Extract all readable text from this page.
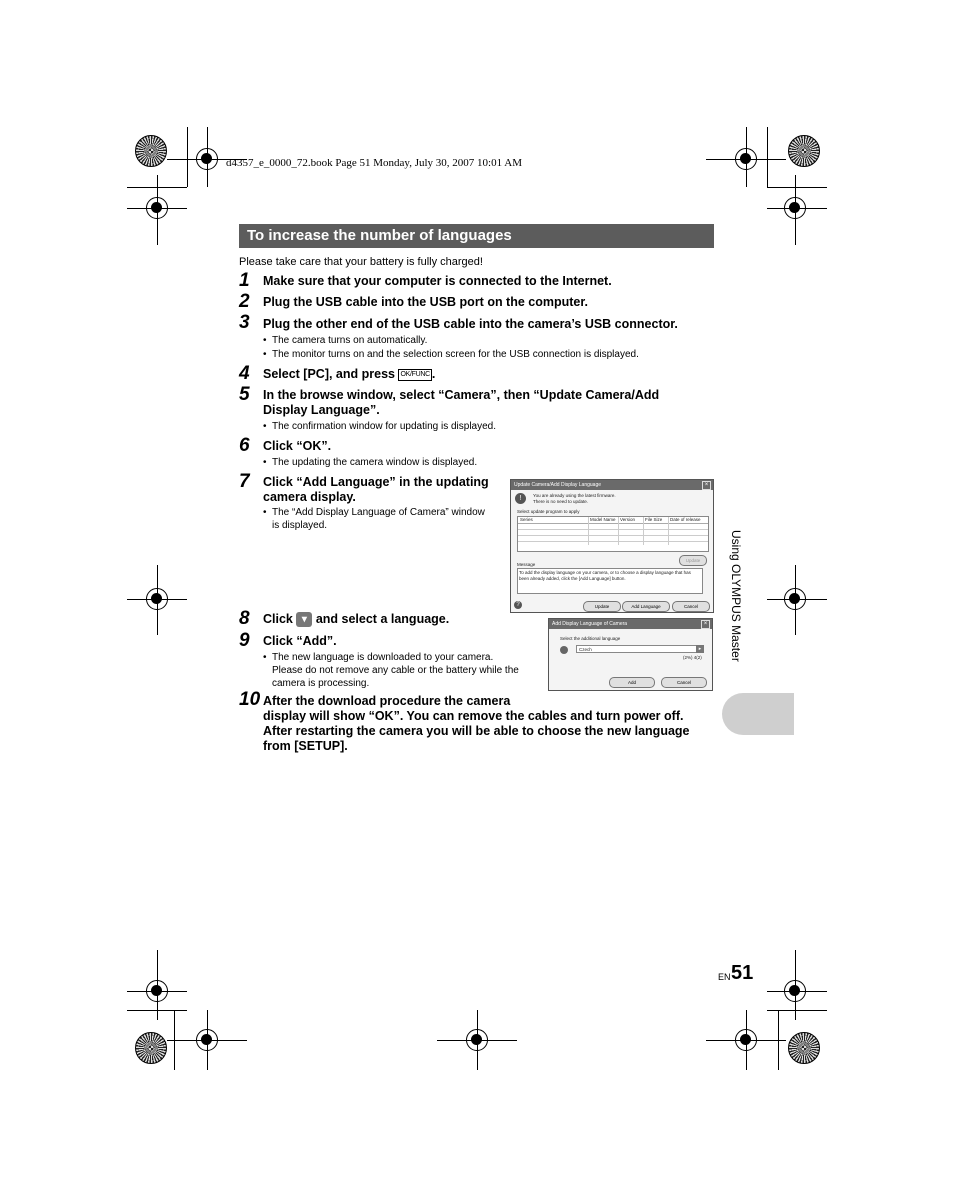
d4357_e_0000_72.book Page 51 Monday, July 30, 2007 10:01 AM
To increase the number of languages
Please take care that your battery is fully charged!
1 Make sure that your computer is connected to the Internet.
2 Plug the USB cable into the USB port on the computer.
3 Plug the other end of the USB cable into the camera’s USB connector.
• The camera turns on automatically.
• The monitor turns on and the selection screen for the USB connection is displayed.
4 Select [PC], and press OK/FUNC .
5 In the browse window, select “Camera”, then “Update Camera/Add
Display Language”.
• The confirmation window for updating is displayed.
6 Click “OK”.
• The updating the camera window is displayed.
7 Click “Add Language” in the updating
camera display.
• The “Add Display Language of Camera” window
is displayed.
Update Camera/Add Display Language	×
!	You are already using the latest firmware.
There is no need to update.
Select update program to apply
Series	Model Name Version File Size Date of release
Update
Message
To add the display language on your camera, or to choose a display language that has been already added, click the [Add Language] button.
?	Update	Add Language	Cancel
8 Click ▾ and select a language.
9 Click “Add”.
• The new language is downloaded to your camera.
Please do not remove any cable or the battery while the
camera is processing.
Add Display Language of Camera	×
Select the additional language
Czech	▸
(2%) 4(2)
Add	Cancel
10 After the download procedure the camera
display will show “OK”. You can remove the cables and turn power off.
After restarting the camera you will be able to choose the new language
from [SETUP].
Using OLYMPUS Master
EN 51
